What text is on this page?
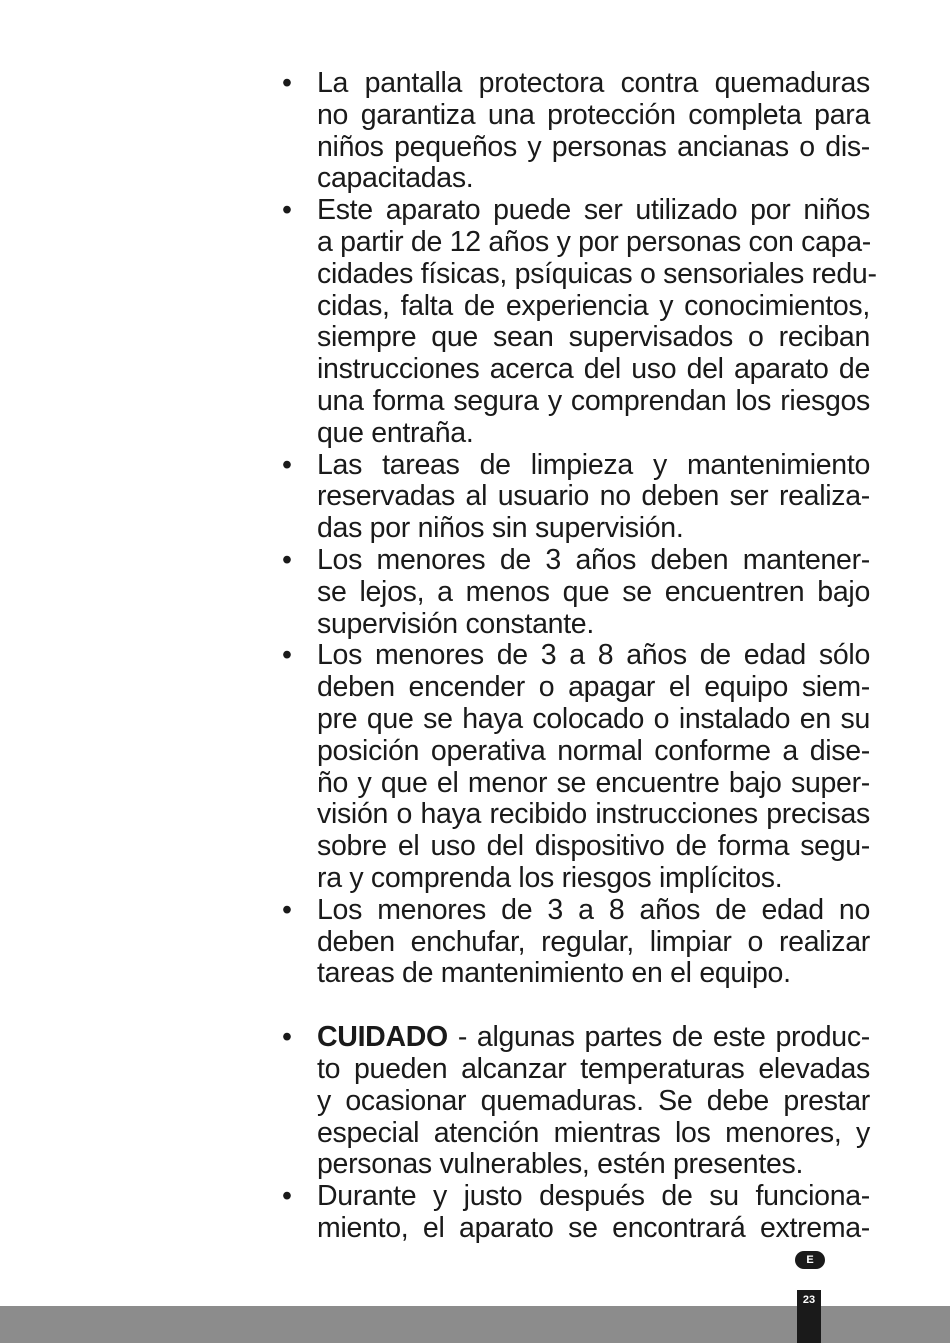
• La pantalla protectora contra quemaduras
no garantiza una protección completa para
niños pequeños y personas ancianas o dis-
capacitadas.
• Este aparato puede ser utilizado por niños
a partir de 12 años y por personas con capa-
cidades físicas, psíquicas o sensoriales redu-
cidas, falta de experiencia y conocimientos,
siempre que sean supervisados o reciban
instrucciones acerca del uso del aparato de
una forma segura y comprendan los riesgos
que entraña.
• Las tareas de limpieza y mantenimiento
reservadas al usuario no deben ser realiza-
das por niños sin supervisión.
• Los menores de 3 años deben mantener-
se lejos, a menos que se encuentren bajo
supervisión constante.
• Los menores de 3 a 8 años de edad sólo
deben encender o apagar el equipo siem-
pre que se haya colocado o instalado en su
posición operativa normal conforme a dise-
ño y que el menor se encuentre bajo super-
visión o haya recibido instrucciones precisas
sobre el uso del dispositivo de forma segu-
ra y comprenda los riesgos implícitos.
• Los menores de 3 a 8 años de edad no
deben enchufar, regular, limpiar o realizar
tareas de mantenimiento en el equipo.
• CUIDADO - algunas partes de este produc-
to pueden alcanzar temperaturas elevadas
y ocasionar quemaduras. Se debe prestar
especial atención mientras los menores, y
personas vulnerables, estén presentes.
• Durante y justo después de su funciona-
miento, el aparato se encontrará extrema-
E
23
